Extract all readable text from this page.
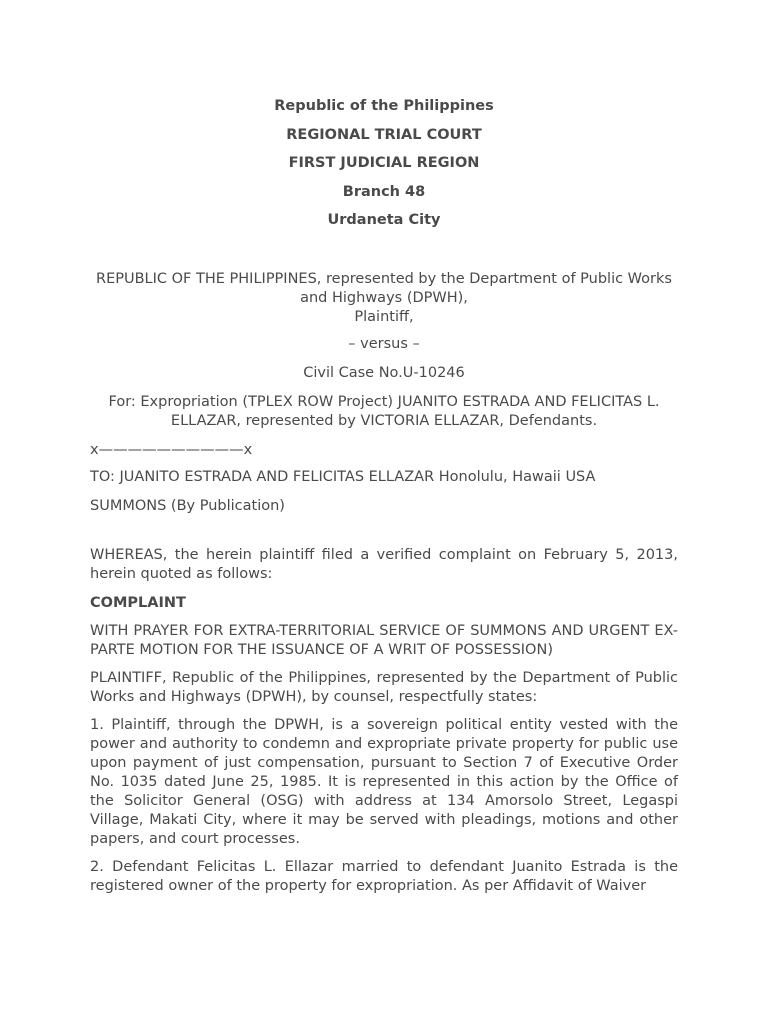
Republic of the Philippines

REGIONAL TRIAL COURT

FIRST JUDICIAL REGION

Branch 48

Urdaneta City

REPUBLIC OF THE PHILIPPINES, represented by the Department of Public Works and Highways (DPWH),

Plaintiff,

– versus –

Civil Case No.U-10246

For: Expropriation (TPLEX ROW Project) JUANITO ESTRADA AND FELICITAS L. ELLAZAR, represented by VICTORIA ELLAZAR, Defendants.

x——————————x

TO: JUANITO ESTRADA AND FELICITAS ELLAZAR Honolulu, Hawaii USA

SUMMONS (By Publication)

WHEREAS, the herein plaintiff filed a verified complaint on February 5, 2013, herein quoted as follows:

COMPLAINT

WITH PRAYER FOR EXTRA-TERRITORIAL SERVICE OF SUMMONS AND URGENT EX-PARTE MOTION FOR THE ISSUANCE OF A WRIT OF POSSESSION)

PLAINTIFF, Republic of the Philippines, represented by the Department of Public Works and Highways (DPWH), by counsel, respectfully states:

1. Plaintiff, through the DPWH, is a sovereign political entity vested with the power and authority to condemn and expropriate private property for public use upon payment of just compensation, pursuant to Section 7 of Executive Order No. 1035 dated June 25, 1985. It is represented in this action by the Office of the Solicitor General (OSG) with address at 134 Amorsolo Street, Legaspi Village, Makati City, where it may be served with pleadings, motions and other papers, and court processes.

2. Defendant Felicitas L. Ellazar married to defendant Juanito Estrada is the registered owner of the property for expropriation. As per Affidavit of Waiver
